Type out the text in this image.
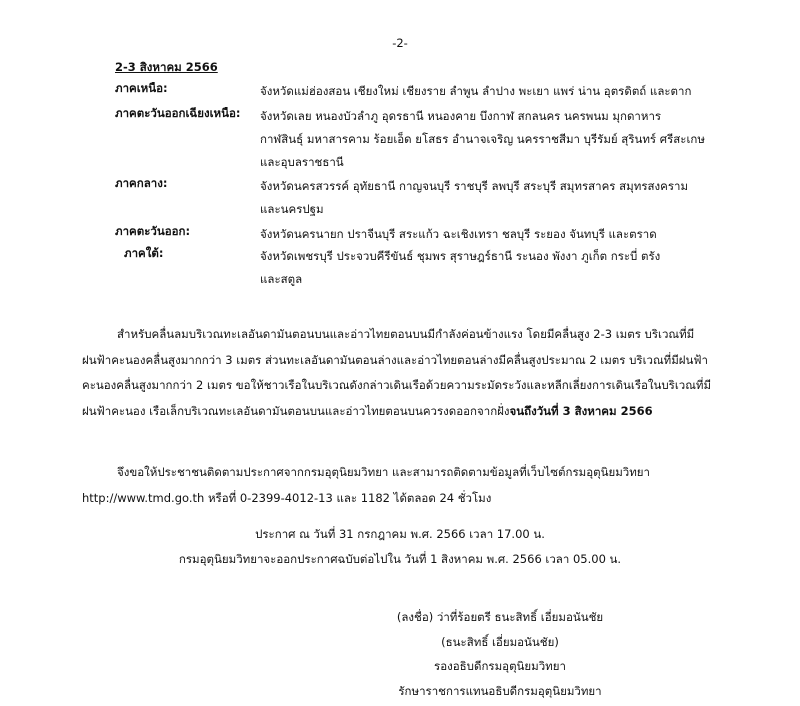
-2-
2-3 สิงหาคม 2566
ภาคเหนือ:	จังหวัดแม่ฮ่องสอน เชียงใหม่ เชียงราย ลำพูน ลำปาง พะเยา แพร่ น่าน อุตรดิตถ์ และตาก
ภาคตะวันออกเฉียงเหนือ: จังหวัดเลย หนองบัวลำภู อุดรธานี หนองคาย บึงกาฬ สกลนคร นครพนม มุกดาหาร
กาฬสินธุ์ มหาสารคาม ร้อยเอ็ด ยโสธร อำนาจเจริญ นครราชสีมา บุรีรัมย์ สุรินทร์ ศรีสะเกษ
และอุบลราชธานี
ภาคกลาง:	จังหวัดนครสวรรค์ อุทัยธานี กาญจนบุรี ราชบุรี ลพบุรี สระบุรี สมุทรสาคร สมุทรสงคราม
และนครปฐม
ภาคตะวันออก:	จังหวัดนครนายก ปราจีนบุรี สระแก้ว ฉะเชิงเทรา ชลบุรี ระยอง จันทบุรี และตราด
ภาคใต้:	จังหวัดเพชรบุรี ประจวบคีรีขันธ์ ชุมพร สุราษฎร์ธานี ระนอง พังงา ภูเก็ต กระบี่ ตรัง
และสตูล
สำหรับคลื่นลมบริเวณทะเลอันดามันตอนบนและอ่าวไทยตอนบนมีกำลังค่อนข้างแรง โดยมีคลื่นสูง 2-3 เมตร บริเวณที่มี
ฝนฟ้าคะนองคลื่นสูงมากกว่า 3 เมตร ส่วนทะเลอันดามันตอนล่างและอ่าวไทยตอนล่างมีคลื่นสูงประมาณ 2 เมตร บริเวณที่มีฝนฟ้า
คะนองคลื่นสูงมากกว่า 2 เมตร ขอให้ชาวเรือในบริเวณดังกล่าวเดินเรือด้วยความระมัดระวังและหลีกเลี่ยงการเดินเรือในบริเวณที่มี
ฝนฟ้าคะนอง เรือเล็กบริเวณทะเลอันดามันตอนบนและอ่าวไทยตอนบนควรงดออกจากฝั่งจนถึงวันที่ 3 สิงหาคม 2566
จึงขอให้ประชาชนติดตามประกาศจากกรมอุตุนิยมวิทยา และสามารถติดตามข้อมูลที่เว็บไซต์กรมอุตุนิยมวิทยา
http://www.tmd.go.th หรือที่ 0-2399-4012-13 และ 1182 ได้ตลอด 24 ชั่วโมง
ประกาศ ณ วันที่ 31 กรกฎาคม พ.ศ. 2566 เวลา 17.00 น.
กรมอุตุนิยมวิทยาจะออกประกาศฉบับต่อไปใน วันที่ 1 สิงหาคม พ.ศ. 2566 เวลา 05.00 น.
(ลงชื่อ) ว่าที่ร้อยตรี ธนะสิทธิ์ เอี่ยมอนันชัย
(ธนะสิทธิ์ เอี่ยมอนันชัย)
รองอธิบดีกรมอุตุนิยมวิทยา
รักษาราชการแทนอธิบดีกรมอุตุนิยมวิทยา
